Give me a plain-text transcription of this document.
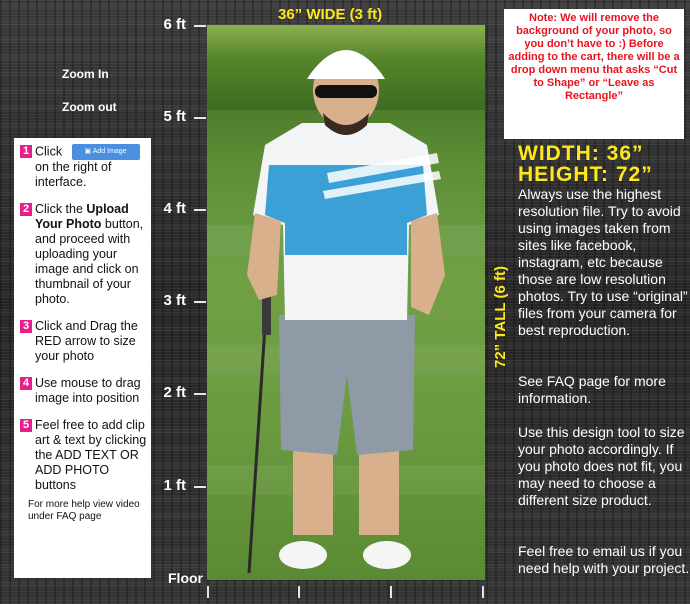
6 ft
5 ft
4 ft
3 ft
2 ft
1 ft
Floor
Zoom In
Zoom out
1 Click	▣ Add Image on the right of interface.
2 Click the Upload Your Photo button, and proceed with uploading your image and click on thumbnail of your photo.
3 Click and Drag the RED arrow to size your photo
4 Use mouse to drag image into position
5 Feel free to add clip art & text by clicking the ADD TEXT OR ADD PHOTO buttons
For more help view video under FAQ page
36” WIDE (3 ft)
72” TALL (6 ft)
Note: We will remove the background of your photo, so you don’t have to :) Before adding to the cart, there will be a drop down menu that asks “Cut to Shape” or “Leave as Rectangle”
WIDTH: 36”
HEIGHT: 72”
Always use the highest resolution file. Try to avoid using images taken from sites like facebook, instagram, etc because those are low resolution photos. Try to use “original” files from your camera for best reproduction.
See FAQ page for more information.
Use this design tool to size your photo accordingly. If you photo does not fit, you may need to choose a different size product.
Feel free to email us if you need help with your project.
